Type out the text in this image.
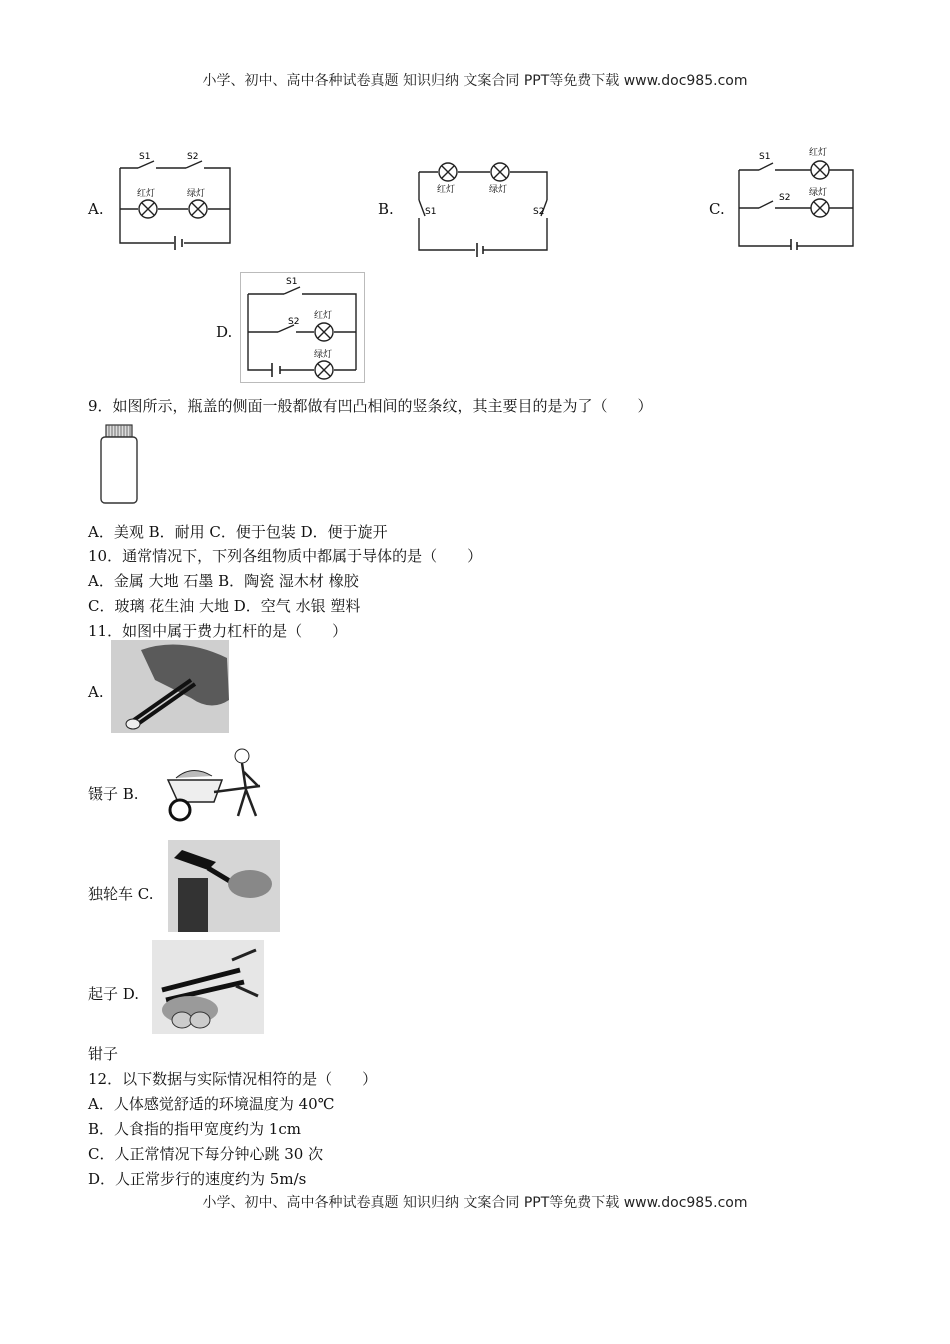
小学、初中、高中各种试卷真题 知识归纳 文案合同 PPT等免费下载 www.doc985.com
A.	B.	C.
D.
S1	S2
红灯	绿灯	红灯	绿灯
S1	S2
S1	红灯
S2 绿灯
S1
S2
红灯
绿灯
9．如图所示，瓶盖的侧面一般都做有凹凸相间的竖条纹，其主要目的是为了（　　）
A．美观 B．耐用 C．便于包装 D．便于旋开
10．通常情况下，下列各组物质中都属于导体的是（　　）
A．金属 大地 石墨 B．陶瓷 湿木材 橡胶
C．玻璃 花生油 大地 D．空气 水银 塑料
11．如图中属于费力杠杆的是（　　）
A.
镊子 B.
独轮车 C.
起子 D.
钳子
12．以下数据与实际情况相符的是（　　）
A．人体感觉舒适的环境温度为 40℃
B．人食指的指甲宽度约为 1cm
C．人正常情况下每分钟心跳 30 次
D．人正常步行的速度约为 5m/s
小学、初中、高中各种试卷真题 知识归纳 文案合同 PPT等免费下载 www.doc985.com
